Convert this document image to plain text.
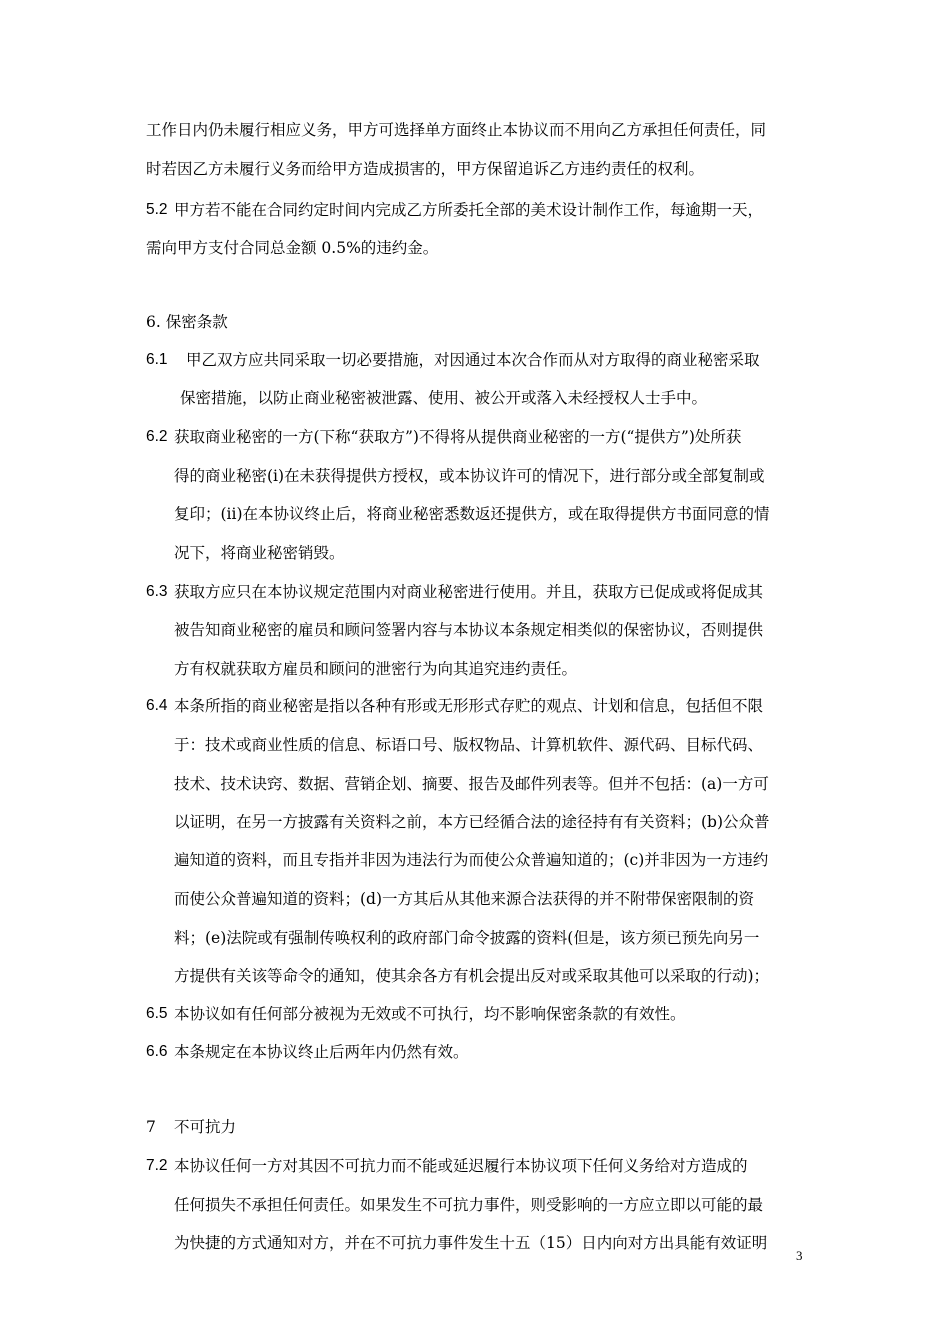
工作日内仍未履行相应义务，甲方可选择单方面终止本协议而不用向乙方承担任何责任，同
时若因乙方未履行义务而给甲方造成损害的，甲方保留追诉乙方违约责任的权利。
5.2 甲方若不能在合同约定时间内完成乙方所委托全部的美术设计制作工作，每逾期一天，
需向甲方支付合同总金额 0.5%的违约金。
6. 保密条款
6.1 甲乙双方应共同采取一切必要措施，对因通过本次合作而从对方取得的商业秘密采取
保密措施，以防止商业秘密被泄露、使用、被公开或落入未经授权人士手中。
6.2 获取商业秘密的一方(下称“获取方”)不得将从提供商业秘密的一方(“提供方”)处所获
得的商业秘密(i)在未获得提供方授权，或本协议许可的情况下，进行部分或全部复制或
复印；(ii)在本协议终止后，将商业秘密悉数返还提供方，或在取得提供方书面同意的情
况下，将商业秘密销毁。
6.3 获取方应只在本协议规定范围内对商业秘密进行使用。并且，获取方已促成或将促成其
被告知商业秘密的雇员和顾问签署内容与本协议本条规定相类似的保密协议，否则提供
方有权就获取方雇员和顾问的泄密行为向其追究违约责任。
6.4 本条所指的商业秘密是指以各种有形或无形形式存贮的观点、计划和信息，包括但不限
于：技术或商业性质的信息、标语口号、版权物品、计算机软件、源代码、目标代码、
技术、技术诀窍、数据、营销企划、摘要、报告及邮件列表等。但并不包括：(a)一方可
以证明，在另一方披露有关资料之前，本方已经循合法的途径持有有关资料；(b)公众普
遍知道的资料，而且专指并非因为违法行为而使公众普遍知道的；(c)并非因为一方违约
而使公众普遍知道的资料；(d)一方其后从其他来源合法获得的并不附带保密限制的资
料；(e)法院或有强制传唤权利的政府部门命令披露的资料(但是，该方须已预先向另一
方提供有关该等命令的通知，使其余各方有机会提出反对或采取其他可以采取的行动)；
6.5 本协议如有任何部分被视为无效或不可执行，均不影响保密条款的有效性。
6.6 本条规定在本协议终止后两年内仍然有效。
7 不可抗力
7.2 本协议任何一方对其因不可抗力而不能或延迟履行本协议项下任何义务给对方造成的
任何损失不承担任何责任。如果发生不可抗力事件，则受影响的一方应立即以可能的最
为快捷的方式通知对方，并在不可抗力事件发生十五（15）日内向对方出具能有效证明
3
